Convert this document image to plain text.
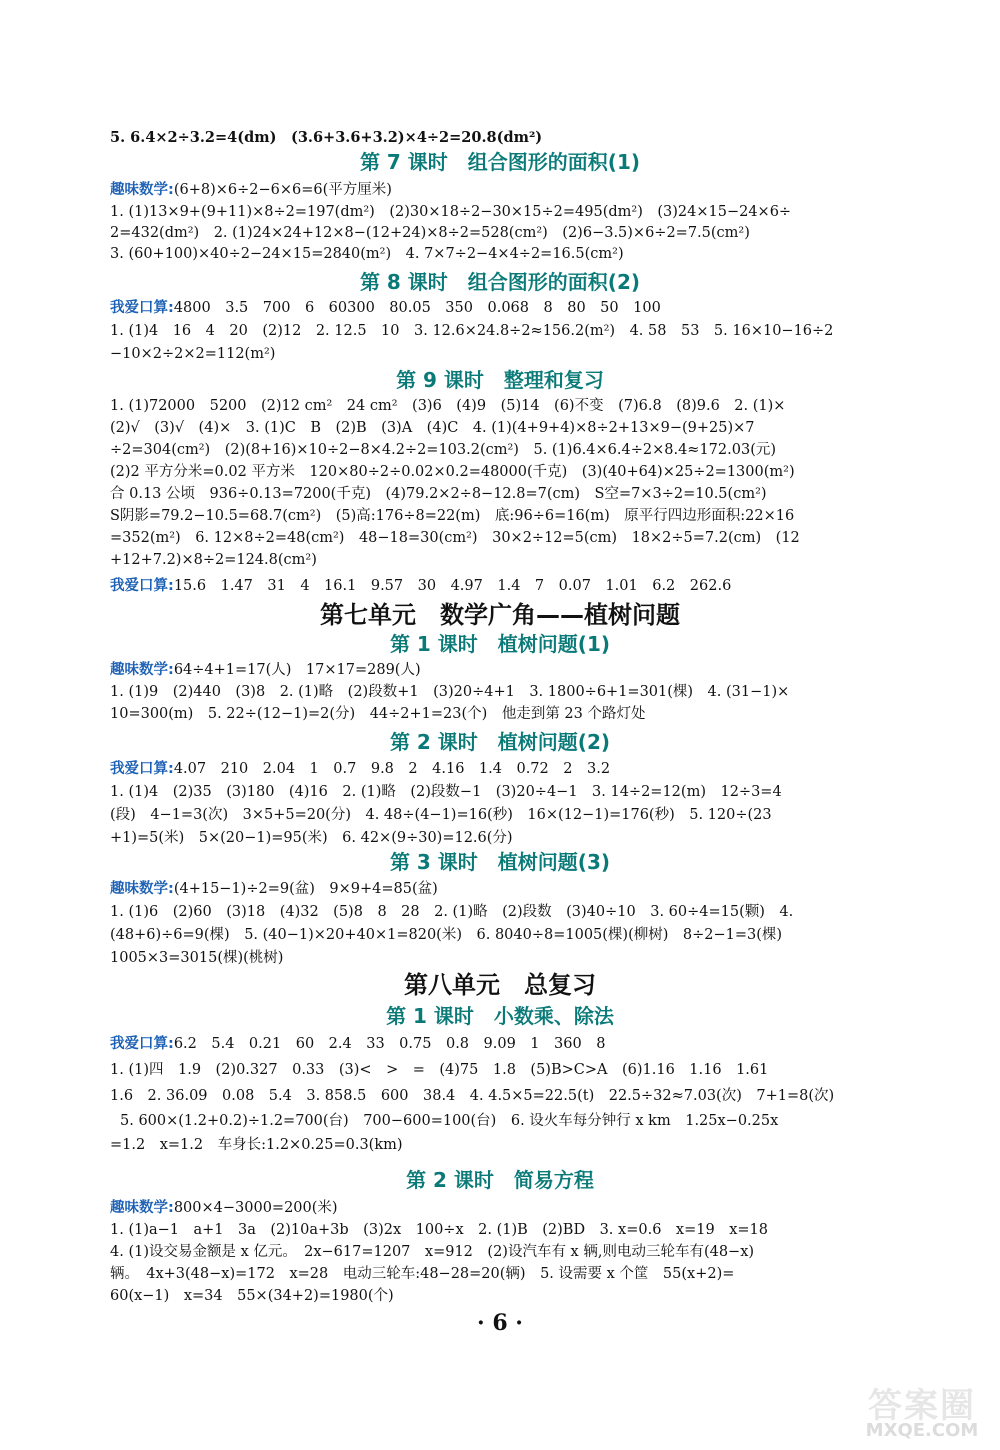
5. 6.4×2÷3.2=4(dm)　(3.6+3.6+3.2)×4÷2=20.8(dm²)
第 7 课时　组合图形的面积(1)
趣味数学:(6+8)×6÷2−6×6=6(平方厘米)
1. (1)13×9+(9+11)×8÷2=197(dm²)　(2)30×18÷2−30×15÷2=495(dm²)　(3)24×15−24×6÷
2=432(dm²)　2. (1)24×24+12×8−(12+24)×8÷2=528(cm²)　(2)6−3.5)×6÷2=7.5(cm²)
3. (60+100)×40÷2−24×15=2840(m²)　4. 7×7÷2−4×4÷2=16.5(cm²)
第 8 课时　组合图形的面积(2)
我爱口算:4800　3.5　700　6　60300　80.05　350　0.068　8　80　50　100
1. (1)4　16　4　20　(2)12　2. 12.5　10　3. 12.6×24.8÷2≈156.2(m²)　4. 58　53　5. 16×10−16÷2
−10×2÷2×2=112(m²)
第 9 课时　整理和复习
1. (1)72000　5200　(2)12 cm²　24 cm²　(3)6　(4)9　(5)14　(6)不变　(7)6.8　(8)9.6　2. (1)×
(2)√　(3)√　(4)×　3. (1)C　B　(2)B　(3)A　(4)C　4. (1)(4+9+4)×8÷2+13×9−(9+25)×7
÷2=304(cm²)　(2)(8+16)×10÷2−8×4.2÷2=103.2(cm²)　5. (1)6.4×6.4÷2×8.4≈172.03(元)
(2)2 平方分米=0.02 平方米　120×80÷2÷0.02×0.2=48000(千克)　(3)(40+64)×25÷2=1300(m²)
合 0.13 公顷　936÷0.13=7200(千克)　(4)79.2×2÷8−12.8=7(cm)　S空=7×3÷2=10.5(cm²)
S阴影=79.2−10.5=68.7(cm²)　(5)高:176÷8=22(m)　底:96÷6=16(m)　原平行四边形面积:22×16
=352(m²)　6. 12×8÷2=48(cm²)　48−18=30(cm²)　30×2÷12=5(cm)　18×2÷5=7.2(cm)　(12
+12+7.2)×8÷2=124.8(cm²)
我爱口算:15.6　1.47　31　4　16.1　9.57　30　4.97　1.4　7　0.07　1.01　6.2　262.6
第七单元　数学广角——植树问题
第 1 课时　植树问题(1)
趣味数学:64÷4+1=17(人)　17×17=289(人)
1. (1)9　(2)440　(3)8　2. (1)略　(2)段数+1　(3)20÷4+1　3. 1800÷6+1=301(棵)　4. (31−1)×
10=300(m)　5. 22÷(12−1)=2(分)　44÷2+1=23(个)　他走到第 23 个路灯处
第 2 课时　植树问题(2)
我爱口算:4.07　210　2.04　1　0.7　9.8　2　4.16　1.4　0.72　2　3.2
1. (1)4　(2)35　(3)180　(4)16　2. (1)略　(2)段数−1　(3)20÷4−1　3. 14÷2=12(m)　12÷3=4
(段)　4−1=3(次)　3×5+5=20(分)　4. 48÷(4−1)=16(秒)　16×(12−1)=176(秒)　5. 120÷(23
+1)=5(米)　5×(20−1)=95(米)　6. 42×(9÷30)=12.6(分)
第 3 课时　植树问题(3)
趣味数学:(4+15−1)÷2=9(盆)　9×9+4=85(盆)
1. (1)6　(2)60　(3)18　(4)32　(5)8　8　28　2. (1)略　(2)段数　(3)40÷10　3. 60÷4=15(颗)　4.
(48+6)÷6=9(棵)　5. (40−1)×20+40×1=820(米)　6. 8040÷8=1005(棵)(柳树)　8÷2−1=3(棵)
1005×3=3015(棵)(桃树)
第八单元　总复习
第 1 课时　小数乘、除法
我爱口算:6.2　5.4　0.21　60　2.4　33　0.75　0.8　9.09　1　360　8
1. (1)四　1.9　(2)0.327　0.33　(3)<　>　=　(4)75　1.8　(5)B>C>A　(6)1.16　1.16　1.61
1.6　2. 36.09　0.08　5.4　3. 858.5　600　38.4　4. 4.5×5=22.5(t)　22.5÷32≈7.03(次)　7+1=8(次)
5. 600×(1.2+0.2)÷1.2=700(台)　700−600=100(台)　6. 设火车每分钟行 x km　1.25x−0.25x
=1.2　x=1.2　车身长:1.2×0.25=0.3(km)
第 2 课时　简易方程
趣味数学:800×4−3000=200(米)
1. (1)a−1　a+1　3a　(2)10a+3b　(3)2x　100÷x　2. (1)B　(2)BD　3. x=0.6　x=19　x=18
4. (1)设交易金额是 x 亿元。　2x−617=1207　x=912　(2)设汽车有 x 辆,则电动三轮车有(48−x)
辆。　4x+3(48−x)=172　x=28　电动三轮车:48−28=20(辆)　5. 设需要 x 个筐　55(x+2)=
60(x−1)　x=34　55×(34+2)=1980(个)
· 6 ·
答案圈
MXQE.COM
